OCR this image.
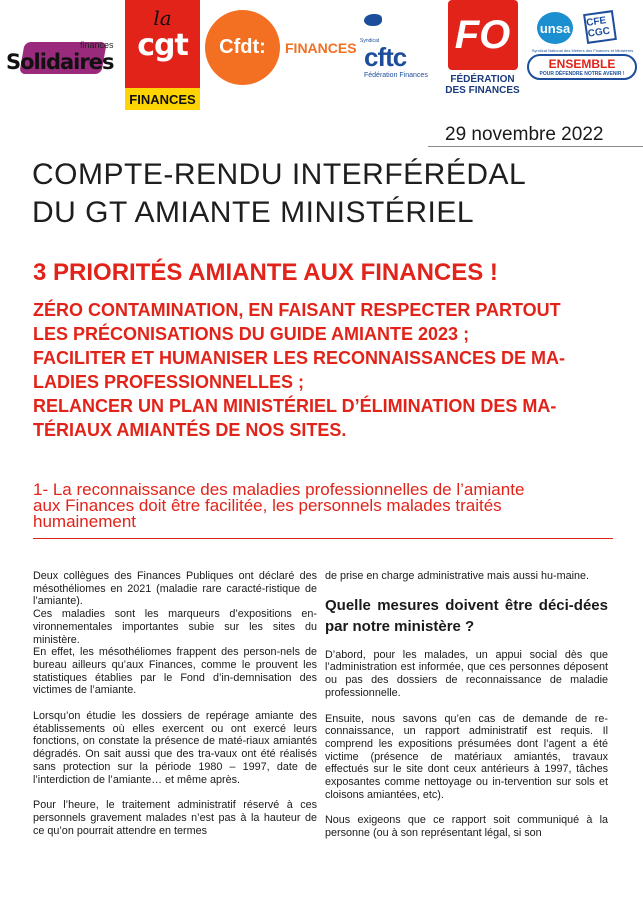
Solidaires
finances
la
cgt
FINANCES
Cfdt:	FINANCES Syndicat
cftc
Fédération Finances
FO
FÉDÉRATION
DES FINANCES
unsa CFE CGC
Syndicat National des Métiers des Finances et Ministères
ENSEMBLE
POUR DÉFENDRE NOTRE AVENIR !
29 novembre 2022
COMPTE-RENDU INTERFÉRÉDAL
DU GT AMIANTE MINISTÉRIEL
3 PRIORITÉS AMIANTE AUX FINANCES !
ZÉRO CONTAMINATION, EN FAISANT RESPECTER PARTOUT
LES PRÉCONISATIONS DU GUIDE AMIANTE 2023 ;
FACILITER ET HUMANISER LES RECONNAISSANCES DE MA-
LADIES PROFESSIONNELLES ;
RELANCER UN PLAN MINISTÉRIEL D’ÉLIMINATION DES MA-
TÉRIAUX AMIANTÉS DE NOS SITES.
1- La reconnaissance des maladies professionnelles de l’amiante
aux Finances doit être facilitée, les personnels malades traités
humainement

Deux collègues des Finances Publiques ont déclaré des mésothéliomes en 2021 (maladie rare caracté-ristique de l’amiante).

Ces maladies sont les marqueurs d’expositions en-vironnementales importantes subie sur les sites du ministère.

En effet, les mésothéliomes frappent des person-nels de bureau ailleurs qu’aux Finances, comme le prouvent les statistiques établies par le Fond d’in-demnisation des victimes de l’amiante.

Lorsqu’on étudie les dossiers de repérage amiante des établissements où elles exercent ou ont exercé leurs fonctions, on constate la présence de maté-riaux amiantés dégradés. On sait aussi que des tra-vaux ont été réalisés sans protection sur la période 1980 – 1997, date de l’interdiction de l’amiante… et même après.

Pour l’heure, le traitement administratif réservé à ces personnels gravement malades n’est pas à la hauteur de ce qu’on pourrait attendre en termes

de prise en charge administrative mais aussi hu-maine.

Quelle mesures doivent être déci-dées par notre ministère ?

D’abord, pour les malades, un appui social dès que l’administration est informée, que ces personnes déposent ou pas des dossiers de reconnaissance de maladie professionnelle.

Ensuite, nous savons qu’en cas de demande de re-connaissance, un rapport administratif est requis. Il comprend les expositions présumées dont l’agent a été victime (présence de matériaux amiantés, travaux effectués sur le site dont ceux antérieurs à 1997, tâches exposantes comme nettoyage ou in-tervention sur sols et cloisons amiantées, etc).

Nous exigeons que ce rapport soit communiqué à la personne (ou à son représentant légal, si son
